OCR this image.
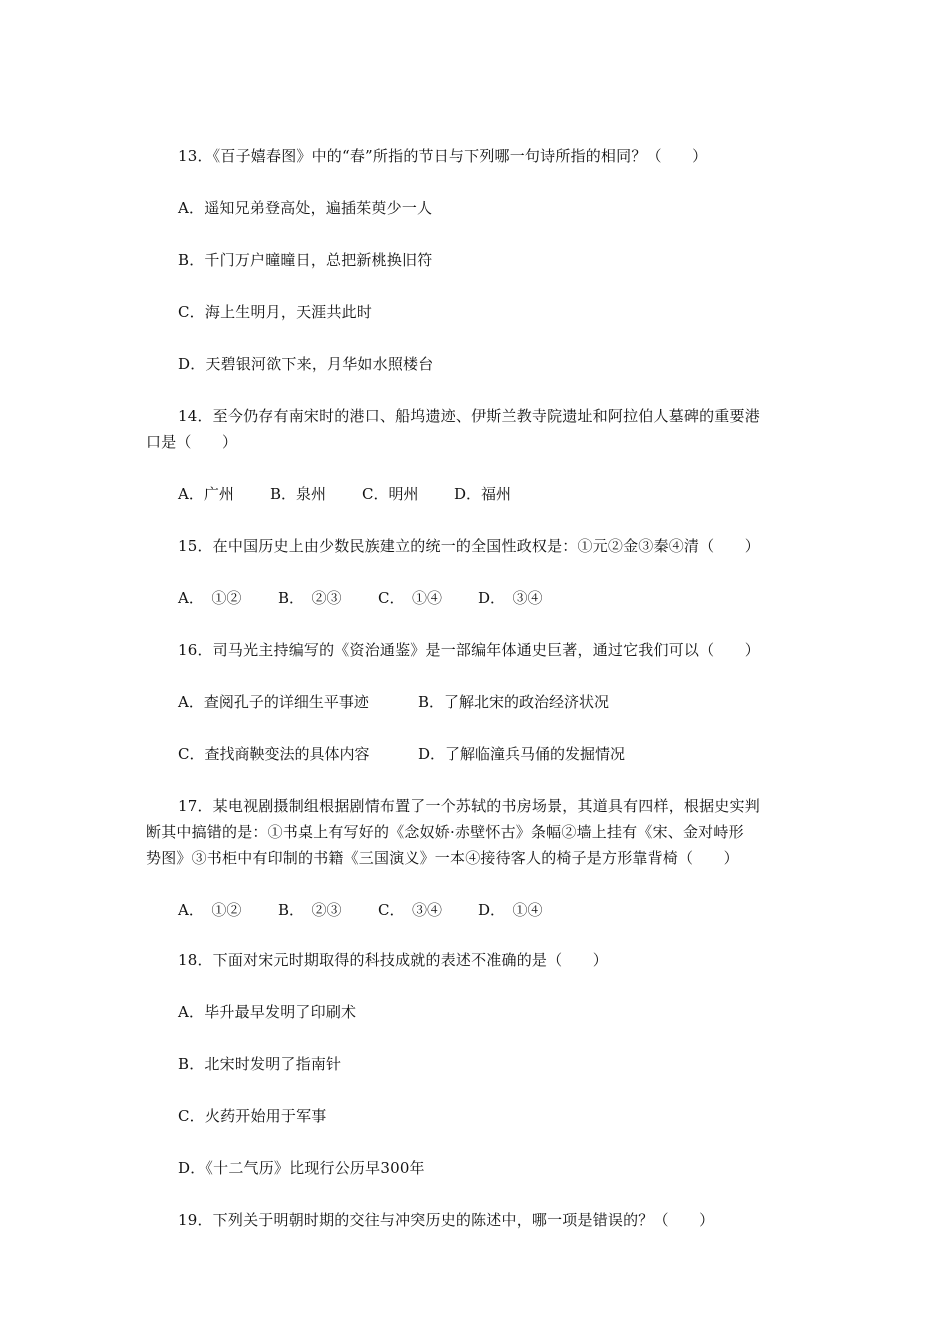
13．《百子嬉春图》中的“春”所指的节日与下列哪一句诗所指的相同？（　　）
A．遥知兄弟登高处，遍插茱萸少一人
B．千门万户曈曈日，总把新桃换旧符
C．海上生明月，天涯共此时
D．天碧银河欲下来，月华如水照楼台
14．至今仍存有南宋时的港口、船坞遗迹、伊斯兰教寺院遗址和阿拉伯人墓碑的重要港
口是（　　）
A．广州 B．泉州 C．明州 D．福州
15．在中国历史上由少数民族建立的统一的全国性政权是：①元②金③秦④清（　　）
A．　①② B．　②③ C．　①④ D．　③④
16．司马光主持编写的《资治通鉴》是一部编年体通史巨著，通过它我们可以（　　）
A．查阅孔子的详细生平事迹	B．了解北宋的政治经济状况
C．查找商鞅变法的具体内容	D．了解临潼兵马俑的发掘情况
17．某电视剧摄制组根据剧情布置了一个苏轼的书房场景，其道具有四样，根据史实判
断其中搞错的是：①书桌上有写好的《念奴娇·赤壁怀古》条幅②墙上挂有《宋、金对峙形
势图》③书柜中有印制的书籍《三国演义》一本④接待客人的椅子是方形靠背椅（　　）
A．　①② B．　②③ C．　③④ D．　①④
18．下面对宋元时期取得的科技成就的表述不准确的是（　　）
A．毕升最早发明了印刷术
B．北宋时发明了指南针
C．火药开始用于军事
D．《十二气历》比现行公历早300年
19．下列关于明朝时期的交往与冲突历史的陈述中，哪一项是错误的？（　　）
